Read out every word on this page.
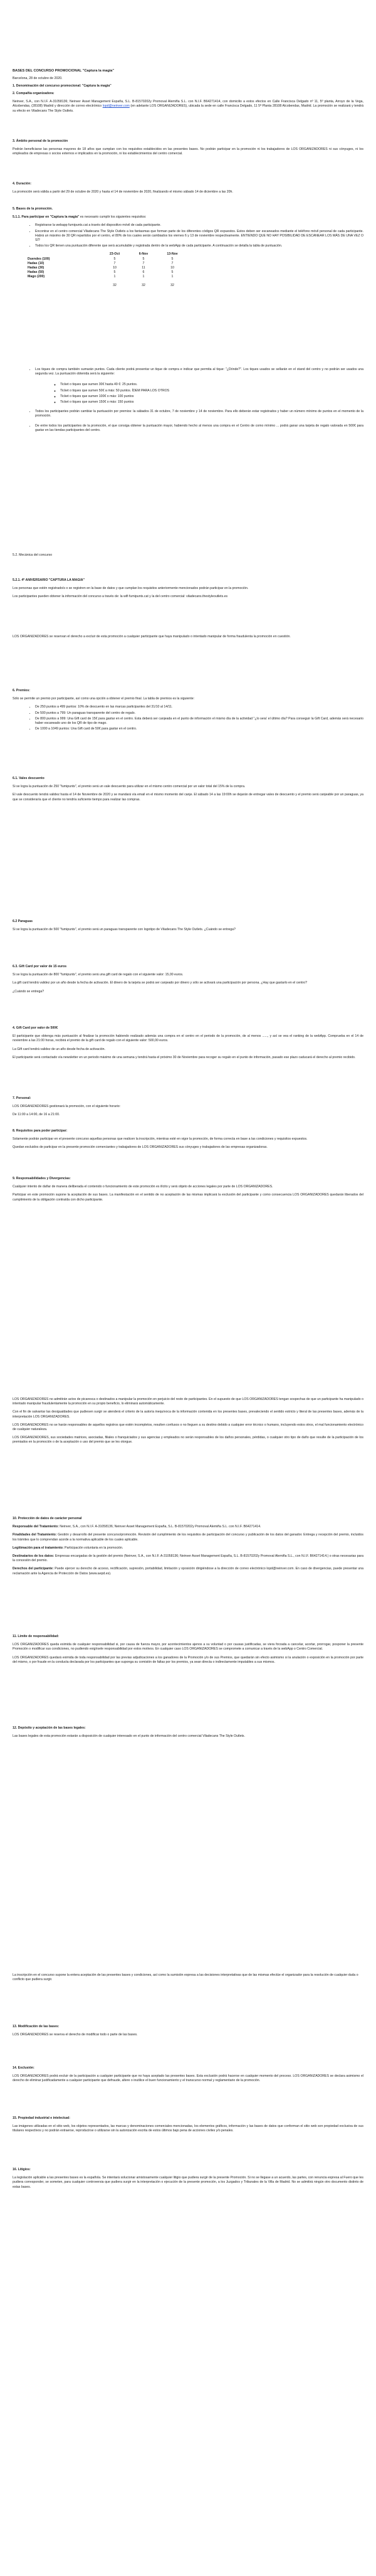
BASES DEL CONCURSO PROMOCIONAL "Captura la magia"
Barcelona, 28 de octubre de 2020.
1. Denominación del concurso promocional: "Captura la magia"

2. Compañía organizadora:

Neinver, S.A., con N.I.F. A-31058136; Neinver Asset Management España, S.L. B-81570202y Promoval Alemiña S.L. con N.I.F. B64271414, con domicilio a estos efectos en Calle Francisca Delgado nº 11, 5º planta, Arroyo de la Vega, Alcobendas, (28108) Madrid y dirección de correo electrónico lopd@neinver.com (en adelante LOS ORGANIZADORES), ubicada la sede en calle Francisca Delgado, 11 5ª Planta 28108 Alcobendas, Madrid. La promoción se realizará y tendrá su efecto en Viladecans The Style Outlets.

3. Ámbito personal de la promoción

Podrán beneficiarse las personas mayores de 18 años que cumplan con los requisitos establecidos en las presentes bases. No podrán participar en la promoción ni los trabajadores de LOS ORGANIZADORES ni sus cónyuges, ni los empleados de empresas o socios externos e implicados en la promoción, ni los establecimientos del centro comercial.

4. Duración:

La promoción será válida a partir del 29 de octubre de 2020 y hasta el 14 de noviembre de 2020, finalizando el mismo sábado 14 de diciembre a las 20h.

5. Bases de la promoción.

5.1.1. Para participar en "Captura la magia" es necesario cumplir los siguientes requisitos:

• Registrarse la webapp fumipunts.cat a través del dispositivo móvil de cada participante.
• Encontrar en el centro comercial Viladecans The Style Outlets a los fantasmas que forman parte de los diferentes códigos QR expuestos. Estos deben ser escaneados mediante el teléfono móvil personal de cada participante. Habrá un máximo de 30 QR repartidos por el centro, el 80% de los cuales serán cambiados los viernes 6 y 13 de noviembre respectivamente. ENTIENDO QUE NO HAY POSIBILIDAD DE ESCANEAR LOS MÁS DE UNA VEZ O SÍ?
• Todos los QR tienen una puntuación diferente que será acumulable y registrada dentro de la webApp de cada participante. A continuación se detalla la tabla de puntuación.
	23-Oct	6-Nov	13-Nov
Duendes (100)	5	5	5
Hadas (10)	7	7	7
Hadas (30)	10	11	10
Hadas (50)	5	6	5
Mago (200)	1	1	1
	32	32	32
• Los tiques de compra también sumarán puntos. Cada cliente podrá presentar un tique de compra e indicar que permita al tique: "¿Dónde?". Los tiques usados se sellarán en el stand del centro y no podrán ser usados una segunda vez. La puntuación obtenida será la siguiente:
◦ Ticket o tiques que sumen 30€ hasta 49 €: 25 puntos.
◦ Ticket o tiques que sumen 50€ a más: 50 puntos. ÍDEM PARA LOS OTROS
◦ Ticket o tiques que sumen 100€ o más: 100 puntos
◦ Ticket o tiques que sumen 150€ o más: 150 puntos
• Todos los participantes podrán cambiar la puntuación por premios: la sábados 31 de octubre, 7 de noviembre y 14 de noviembre. Para ello deberán estar registrados y haber un número mínimo de puntos en el momento de la promoción.
• De entre todos los participantes de la promoción, el que consiga obtener la puntuación mayor, habiendo hecho al menos una compra en el Centro de como mínimo ... podrá ganar una tarjeta de regalo valorada en 500€ para gastar en las tiendas participantes del centro.
5.2. Mecánica del concurso

5.2.1. 4º ANIVERSARIO "CAPTURA LA MAGIA"

Los personas que estén registrado/s o se registren en la base de datos y que cumplan los requisitos anteriormente mencionados podrán participar en la promoción.

Los participantes pueden obtener la información del concurso a través de: la wifi fumipunts.cat y la del centro comercial: viladecans.thestyleoutlets.es

LOS ORGANIZADORES se reservan el derecho a excluir de esta promoción a cualquier participante que haya manipulado o intentado manipular de forma fraudulenta la promoción en cuestión.

6. Premios:

Sólo se permite un premio por participante, así como una opción a obtener el premio final. La tabla de premios es la siguiente:

• De 250 puntos a 499 puntos: 10% de descuento en las marcas participantes del 31/10 al 14/11.
• De 500 puntos a 799: Un paraguas transparente del centro de regalo.
• De 800 puntos a 999: Una Gift card de 15€ para gastar en el centro. Esta deberá ser canjeada en el punto de información el mismo día de la actividad "¿lo sera' el último día? Para conseguir la Gift Card, además será necesario haber escaneado uno de los QR de tipo de mago.
• De 1000 a 1049 puntos: Una Gift card de 50€ para gastar en el centro.

6.1. Vales descuento

Si se logra la puntuación de 250 "fumipunts", el premio será un vale descuento para utilizar en el mismo centro comercial por un valor total del 15% de la compra.

El vale descuento tendrá validez hasta el 14 de Noviembre de 2020 y se mandará vía email en el mismo momento del canje. El sábado 14 a las 19:00h se dejarán de entregar vales de descuento y el premio será canjeable por un paraguas, ya que se consideraría que el cliente no tendría suficiente tiempo para realizar las compras.

6.2 Paraguas

Si se logra la puntuación de 500 "fumipunts", el premio será un paraguas transparente con logotipo de Viladecans The Style Outlets. ¿Cuándo se entrega?

6.3. Gift Card por valor de 15 euros

Si se logra la puntuación de 800 "fumipunts", el premio será una gift card de regalo con el siguiente valor: 15,00 euros.

La gift card tendrá validez por un año desde la fecha de activación. El dinero de la tarjeta se podrá ser canjeado por dinero y sólo se activará una participación por persona. ¿Hay que gastarlo en el centro?

¿Cuándo se entrega?

4. Gift Card por valor de 500€

El participante que obtenga más puntuación al finalizar la promoción habiendo realizado además una compra en el centro en el periodo de la promoción, de al menos ......, y así se vea el ranking de la webApp. Comprueba en el 14 de noviembre a las 21:00 horas, recibirá el premio de la gift card de regalo con el siguiente valor: 500,00 euros.

La Gift card tendrá validez de un año desde fecha de activación.

El participante será contactado vía newsletter en un periodo máximo de una semana y tendrá hasta el próximo 30 de Noviembre para recoger su regalo en el punto de información, pasado ese plazo caducará el derecho al premio recibido.

7. Personal:

LOS ORGANIZADORES gestionará la promoción, con el siguiente horario:

De 11:00 a 14:00, de 16 a 21:00.

8. Requisitos para poder participar:

Solamente podrán participar en el presente concurso aquellas personas que realicen la inscripción, mientras esté en vigor la promoción, de forma correcta en base a las condiciones y requisitos expuestos.

Quedan excluidos de participar en la presente promoción comerciantes y trabajadores de LOS ORGANIZADORES sus cónyuges y trabajadores de las empresas organizadoras.

9. Responsabilidades y Divergencias:

Cualquier intento de dañar de manera deliberada el contenido o funcionamiento de este promoción es ilícito y será objeto de acciones legales por parte de LOS ORGANIZADORES.

Participar en este promoción supone la aceptación de sus bases. La manifestación en el sentido de no aceptación de las mismas implicará la exclusión del participante y como consecuencia LOS ORGANIZADORES quedarán liberados del cumplimiento de la obligación contraída con dicho participante.

LOS ORGANIZADORES no admitirán actos de picaresca o destinados a manipular la promoción en perjuicio del resto de participantes. En el supuesto de que LOS ORGANIZADORES tengan sospechas de que un participante ha manipulado o intentado manipular fraudulentamente la promoción en su propio beneficio, lo eliminará automáticamente.

Con el fin de salvantar las desigualdades que pudiesen surgir se atenderá el criterio de la autoría inequívoca de la información contenida en los presentes bases, prevaleciendo el sentido estricto y literal de las presentes bases, además de la interpretación LOS ORGANIZADORES.

LOS ORGANIZADORES no se harán responsables de aquellos registros que estén incompletos, resulten confusos o no lleguen a su destino debido a cualquier error técnico o humano, incluyendo estos otros, el mal funcionamiento electrónico de cualquier naturaleza.

LOS ORGANIZADORES, sus sociedades matrices, asociadas, filiales o franquiciados y sus agencias y empleados no serán responsables de los daños personales, pérdidas, o cualquier otro tipo de daño que resulte de la participación de los premiados en la promoción o de la aceptación o uso del premio que se les otorgue.

10. Protección de datos de carácter personal

Responsable del Tratamiento: Neinver, S.A., con N.I.F. A-31058136; Neinver Asset Management España, S.L. B-81570202y Promoval Alemiña S.L. con N.I.F. B64271414.

Finalidades del Tratamiento: Gestión y desarrollo del presente concurso/promoción. Revisión del cumplimiento de los requisitos de participación del concurso y publicación de los datos del ganador. Entrega y recepción del premio, incluidos los trámites que lo comprendan acorde a la normativa aplicable de los cuales aplicable.

Legitimación para el tratamiento: Participación voluntaria en la promoción.

Destinatarios de los datos: Empresas encargadas de la gestión del premio (Neinver, S.A., con N.I.F. A-31058136; Neinver Asset Management España, S.L. B-81570202y Promoval Alemiña S.L., con N.I.F. B64271414.) o otras necesarias para la concesión del premio.

Derechos del participante: Puede ejercer su derecho de acceso, rectificación, supresión, portabilidad, limitación y oposición dirigiéndose a la dirección de correo electrónico lopd@neinver.com. En caso de divergencias, puede presentar una reclamación ante la Agencia de Protección de Datos (www.aepd.es).

11. Límite de responsabilidad:

LOS ORGANIZADORES queda eximida de cualquier responsabilidad si, por causa de fuerza mayor, por acontecimientos ajenos a su voluntad o por causas justificadas, se viera forzada a cancelar, acortar, prorrogar, posponer la presente Promoción o modificar sus condiciones, no pudiendo exigírsele responsabilidad por estos motivos. En cualquier caso LOS ORGANIZADORES se compromete a comunicar a través de la webApp o Centro Comercial.

LOS ORGANIZADORES quedará eximida de toda responsabilidad por las previas adjudicaciones a los ganadores de la Promoción y/o de sus Premios, que quedarán sin efecto asimismo si la anulación o exposición en la promoción por parte del mismo, o por fraude en la conducta declarada por los participantes que suponga su comisión de faltas por los premios, ya sean directa o indirectamente imputables a sus mismos.

12. Depósito y aceptación de las bases legales:

Las bases legales de esta promoción estarán a disposición de cualquier interesado en el punto de información del centro comercial Viladecans The Style Outlets.

La inscripción en el concurso supone la entera aceptación de las presentes bases y condiciones, así como la sumisión expresa a las decisiones interpretativas que de las mismas efectúe el organizador para la resolución de cualquier duda o conflicto que pudiera surgir.

13. Modificación de las bases:

LOS ORGANIZADORES se reserva el derecho de modificar todo o parte de las bases.

14. Exclusión:

LOS ORGANIZADORES podrá excluir de la participación a cualquier participante que no haya aceptado las presentes bases. Esta exclusión podrá hacerse en cualquier momento del proceso. LOS ORGANIZADORES se declara asimismo el derecho de eliminar justificadamente a cualquier participante que defraude, altere o inutilice el buen funcionamiento y el transcurso normal y reglamentario de la promoción.

15. Propiedad industrial e intelectual:

Las imágenes utilizadas en el sitio web, los objetos representados, las marcas y denominaciones comerciales mencionadas, los elementos gráficos, información y las bases de datos que conforman el sitio web son propiedad exclusiva de sus titulares respectivos y no podrán extraerse, reproducirse o utilizarse sin la autorización escrita de estos últimos bajo pena de acciones civiles y/o penales.

16. Litigios:

La legislación aplicable a las presentes bases es la española. Se intentará solucionar amistosamente cualquier litigio que pudiera surgir de la presente Promoción. Si no se llegase a un acuerdo, las partes, con renuncia expresa al Fuero que les pudiera corresponder, se someten, para cualquier controversia que pudiera surgir en la interpretación o ejecución de la presente promoción, a los Juzgados y Tribunales de la Villa de Madrid. No se admitirá ningún otro documento distinto de estas bases.
